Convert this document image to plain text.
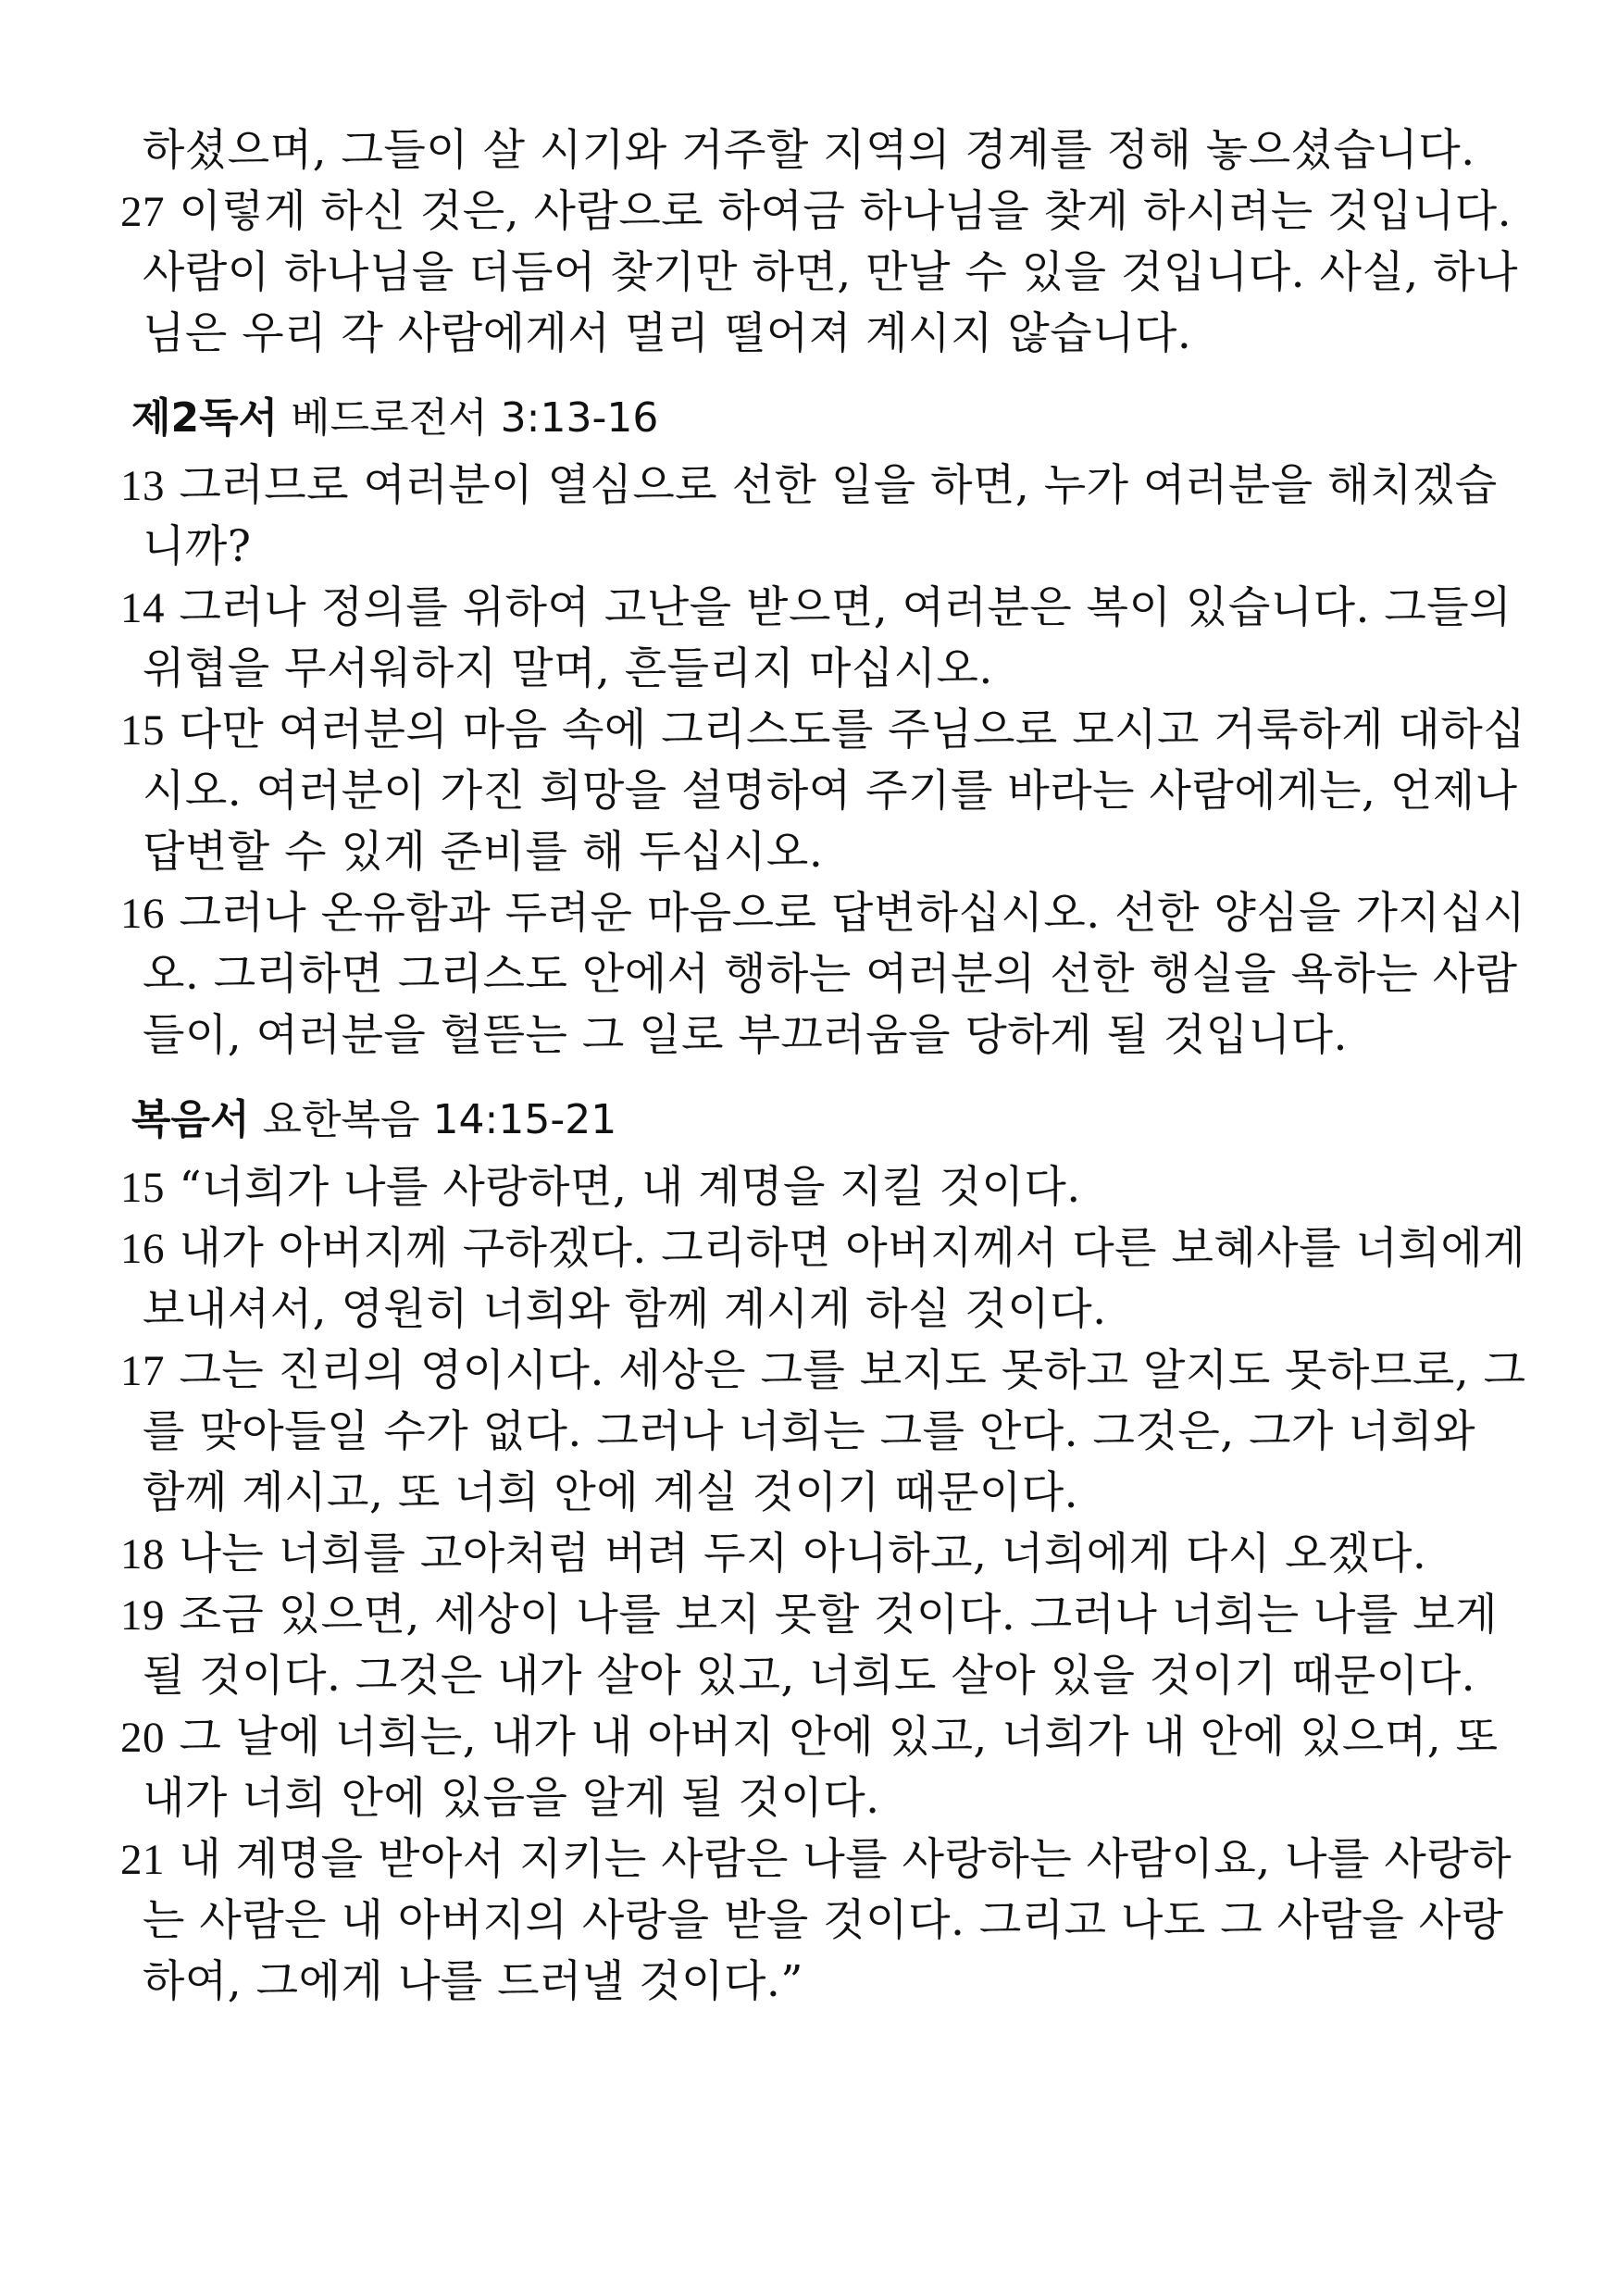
하셨으며, 그들이 살 시기와 거주할 지역의 경계를 정해 놓으셨습니다.

27 이렇게 하신 것은, 사람으로 하여금 하나님을 찾게 하시려는 것입니다. 사람이 하나님을 더듬어 찾기만 하면, 만날 수 있을 것입니다. 사실, 하나님은 우리 각 사람에게서 멀리 떨어져 계시지 않습니다.

제2독서 베드로전서 3:13-16

13 그러므로 여러분이 열심으로 선한 일을 하면, 누가 여러분을 해치겠습니까?

14 그러나 정의를 위하여 고난을 받으면, 여러분은 복이 있습니다. 그들의 위협을 무서워하지 말며, 흔들리지 마십시오.

15 다만 여러분의 마음 속에 그리스도를 주님으로 모시고 거룩하게 대하십시오. 여러분이 가진 희망을 설명하여 주기를 바라는 사람에게는, 언제나 답변할 수 있게 준비를 해 두십시오.

16 그러나 온유함과 두려운 마음으로 답변하십시오. 선한 양심을 가지십시오. 그리하면 그리스도 안에서 행하는 여러분의 선한 행실을 욕하는 사람들이, 여러분을 헐뜯는 그 일로 부끄러움을 당하게 될 것입니다.

복음서 요한복음 14:15-21

15 “너희가 나를 사랑하면, 내 계명을 지킬 것이다.

16 내가 아버지께 구하겠다. 그리하면 아버지께서 다른 보혜사를 너희에게 보내셔서, 영원히 너희와 함께 계시게 하실 것이다.

17 그는 진리의 영이시다. 세상은 그를 보지도 못하고 알지도 못하므로, 그를 맞아들일 수가 없다. 그러나 너희는 그를 안다. 그것은, 그가 너희와 함께 계시고, 또 너희 안에 계실 것이기 때문이다.

18 나는 너희를 고아처럼 버려 두지 아니하고, 너희에게 다시 오겠다.

19 조금 있으면, 세상이 나를 보지 못할 것이다. 그러나 너희는 나를 보게 될 것이다. 그것은 내가 살아 있고, 너희도 살아 있을 것이기 때문이다.

20 그 날에 너희는, 내가 내 아버지 안에 있고, 너희가 내 안에 있으며, 또 내가 너희 안에 있음을 알게 될 것이다.

21 내 계명을 받아서 지키는 사람은 나를 사랑하는 사람이요, 나를 사랑하는 사람은 내 아버지의 사랑을 받을 것이다. 그리고 나도 그 사람을 사랑하여, 그에게 나를 드러낼 것이다.”
